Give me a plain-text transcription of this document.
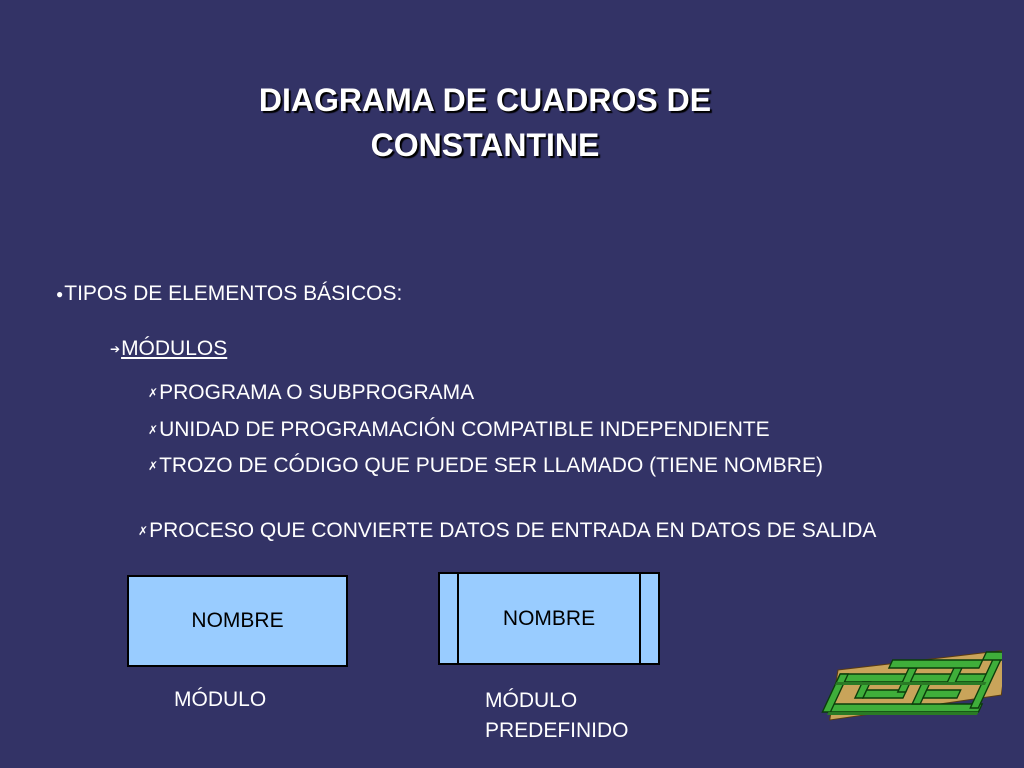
DIAGRAMA DE CUADROS DE
CONSTANTINE
●TIPOS DE ELEMENTOS BÁSICOS:
➔MÓDULOS
✗PROGRAMA O SUBPROGRAMA
✗UNIDAD DE PROGRAMACIÓN COMPATIBLE INDEPENDIENTE
✗TROZO DE CÓDIGO QUE PUEDE SER LLAMADO (TIENE NOMBRE)
✗PROCESO QUE CONVIERTE DATOS DE ENTRADA EN DATOS DE SALIDA
NOMBRE	NOMBRE
MÓDULO	MÓDULO
PREDEFINIDO
